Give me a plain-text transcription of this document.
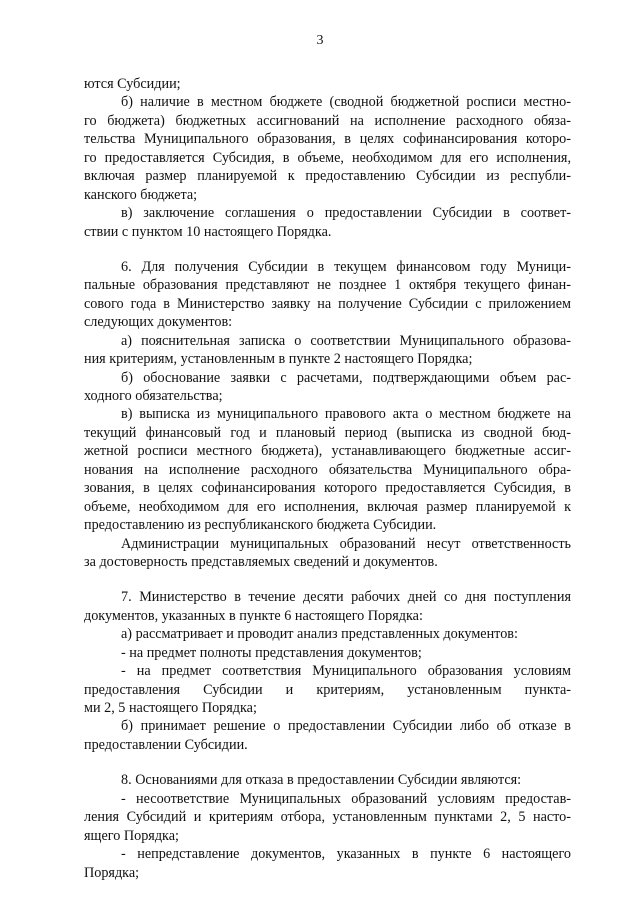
3
ются Субсидии;
б) наличие в местном бюджете (сводной бюджетной росписи местно-
го бюджета) бюджетных ассигнований на исполнение расходного обяза-
тельства Муниципального образования, в целях софинансирования которо-
го предоставляется Субсидия, в объеме, необходимом для его исполнения,
включая размер планируемой к предоставлению Субсидии из республи-
канского бюджета;
в) заключение соглашения о предоставлении Субсидии в соответ-
ствии с пунктом 10 настоящего Порядка.
6. Для получения Субсидии в текущем финансовом году Муници-
пальные образования представляют не позднее 1 октября текущего финан-
сового года в Министерство заявку на получение Субсидии с приложением
следующих документов:
а) пояснительная записка о соответствии Муниципального образова-
ния критериям, установленным в пункте 2 настоящего Порядка;
б) обоснование заявки с расчетами, подтверждающими объем рас-
ходного обязательства;
в) выписка из муниципального правового акта о местном бюджете на
текущий финансовый год и плановый период (выписка из сводной бюд-
жетной росписи местного бюджета), устанавливающего бюджетные ассиг-
нования на исполнение расходного обязательства Муниципального обра-
зования, в целях софинансирования которого предоставляется Субсидия, в
объеме, необходимом для его исполнения, включая размер планируемой к
предоставлению из республиканского бюджета Субсидии.
Администрации муниципальных образований несут ответственность
за достоверность представляемых сведений и документов.
7. Министерство в течение десяти рабочих дней со дня поступления
документов, указанных в пункте 6 настоящего Порядка:
а) рассматривает и проводит анализ представленных документов:
- на предмет полноты представления документов;
- на предмет соответствия Муниципального образования условиям
предоставления Субсидии и критериям, установленным пункта-
ми 2, 5 настоящего Порядка;
б) принимает решение о предоставлении Субсидии либо об отказе в
предоставлении Субсидии.
8. Основаниями для отказа в предоставлении Субсидии являются:
- несоответствие Муниципальных образований условиям предостав-
ления Субсидий и критериям отбора, установленным пунктами 2, 5 насто-
ящего Порядка;
- непредставление документов, указанных в пункте 6 настоящего
Порядка;
